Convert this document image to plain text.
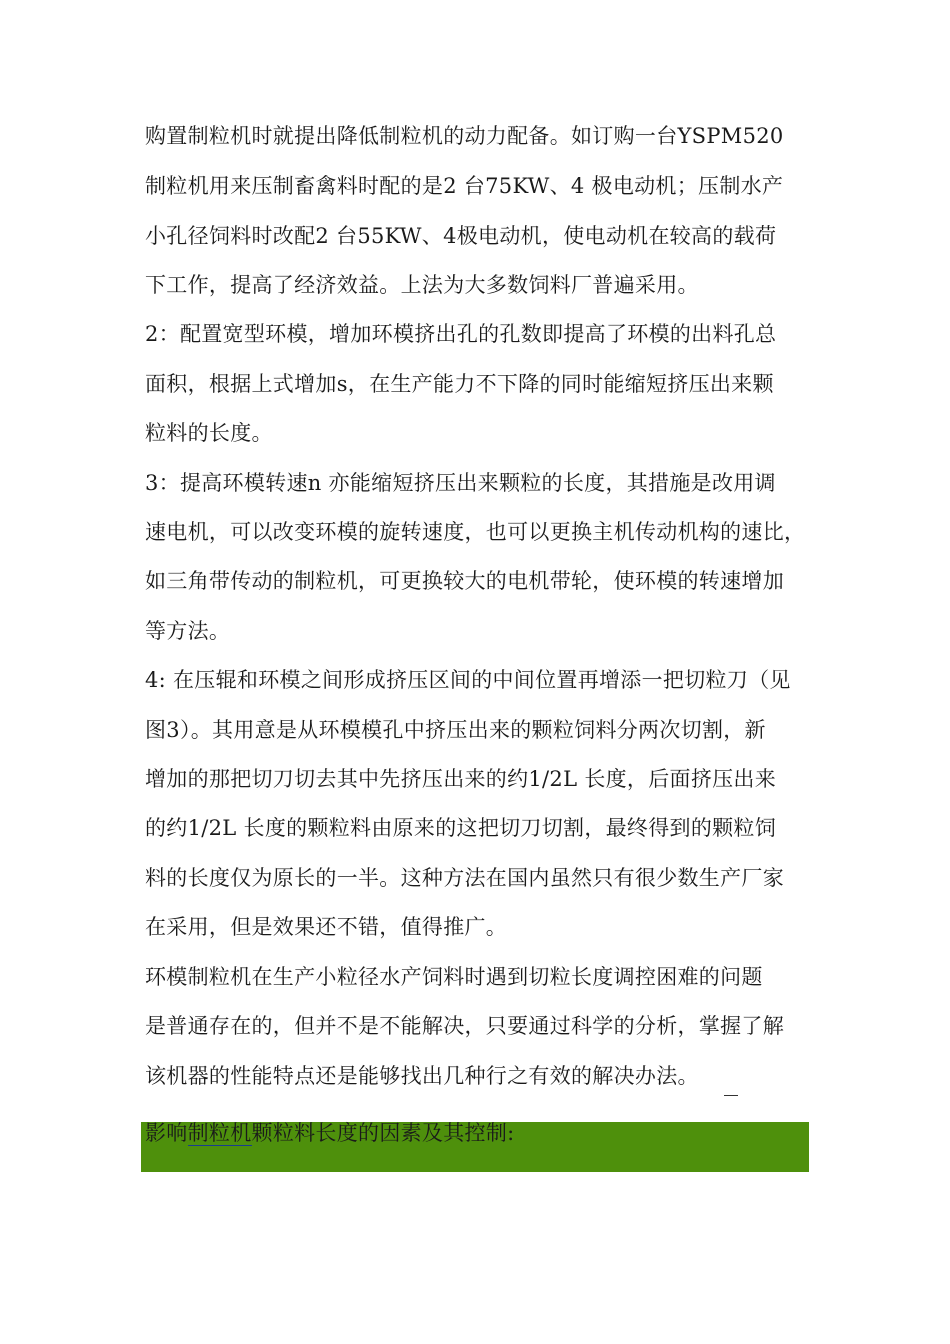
购置制粒机时就提出降低制粒机的动力配备。如订购一台YSPM520
制粒机用来压制畜禽料时配的是2 台75KW、4 极电动机；压制水产
小孔径饲料时改配2 台55KW、4极电动机，使电动机在较高的载荷
下工作，提高了经济效益。上法为大多数饲料厂普遍采用。
2：配置宽型环模，增加环模挤出孔的孔数即提高了环模的出料孔总
面积，根据上式增加s，在生产能力不下降的同时能缩短挤压出来颗
粒料的长度。
3：提高环模转速n 亦能缩短挤压出来颗粒的长度，其措施是改用调
速电机，可以改变环模的旋转速度，也可以更换主机传动机构的速比，
如三角带传动的制粒机，可更换较大的电机带轮，使环模的转速增加
等方法。
4: 在压辊和环模之间形成挤压区间的中间位置再增添一把切粒刀（见
图3）。其用意是从环模模孔中挤压出来的颗粒饲料分两次切割，新
增加的那把切刀切去其中先挤压出来的约1/2L 长度，后面挤压出来
的约1/2L 长度的颗粒料由原来的这把切刀切割，最终得到的颗粒饲
料的长度仅为原长的一半。这种方法在国内虽然只有很少数生产厂家
在采用，但是效果还不错，值得推广。
环模制粒机在生产小粒径水产饲料时遇到切粒长度调控困难的问题
是普通存在的，但并不是不能解决，只要通过科学的分析，掌握了解
该机器的性能特点还是能够找出几种行之有效的解决办法。
影响制粒机颗粒料长度的因素及其控制:
